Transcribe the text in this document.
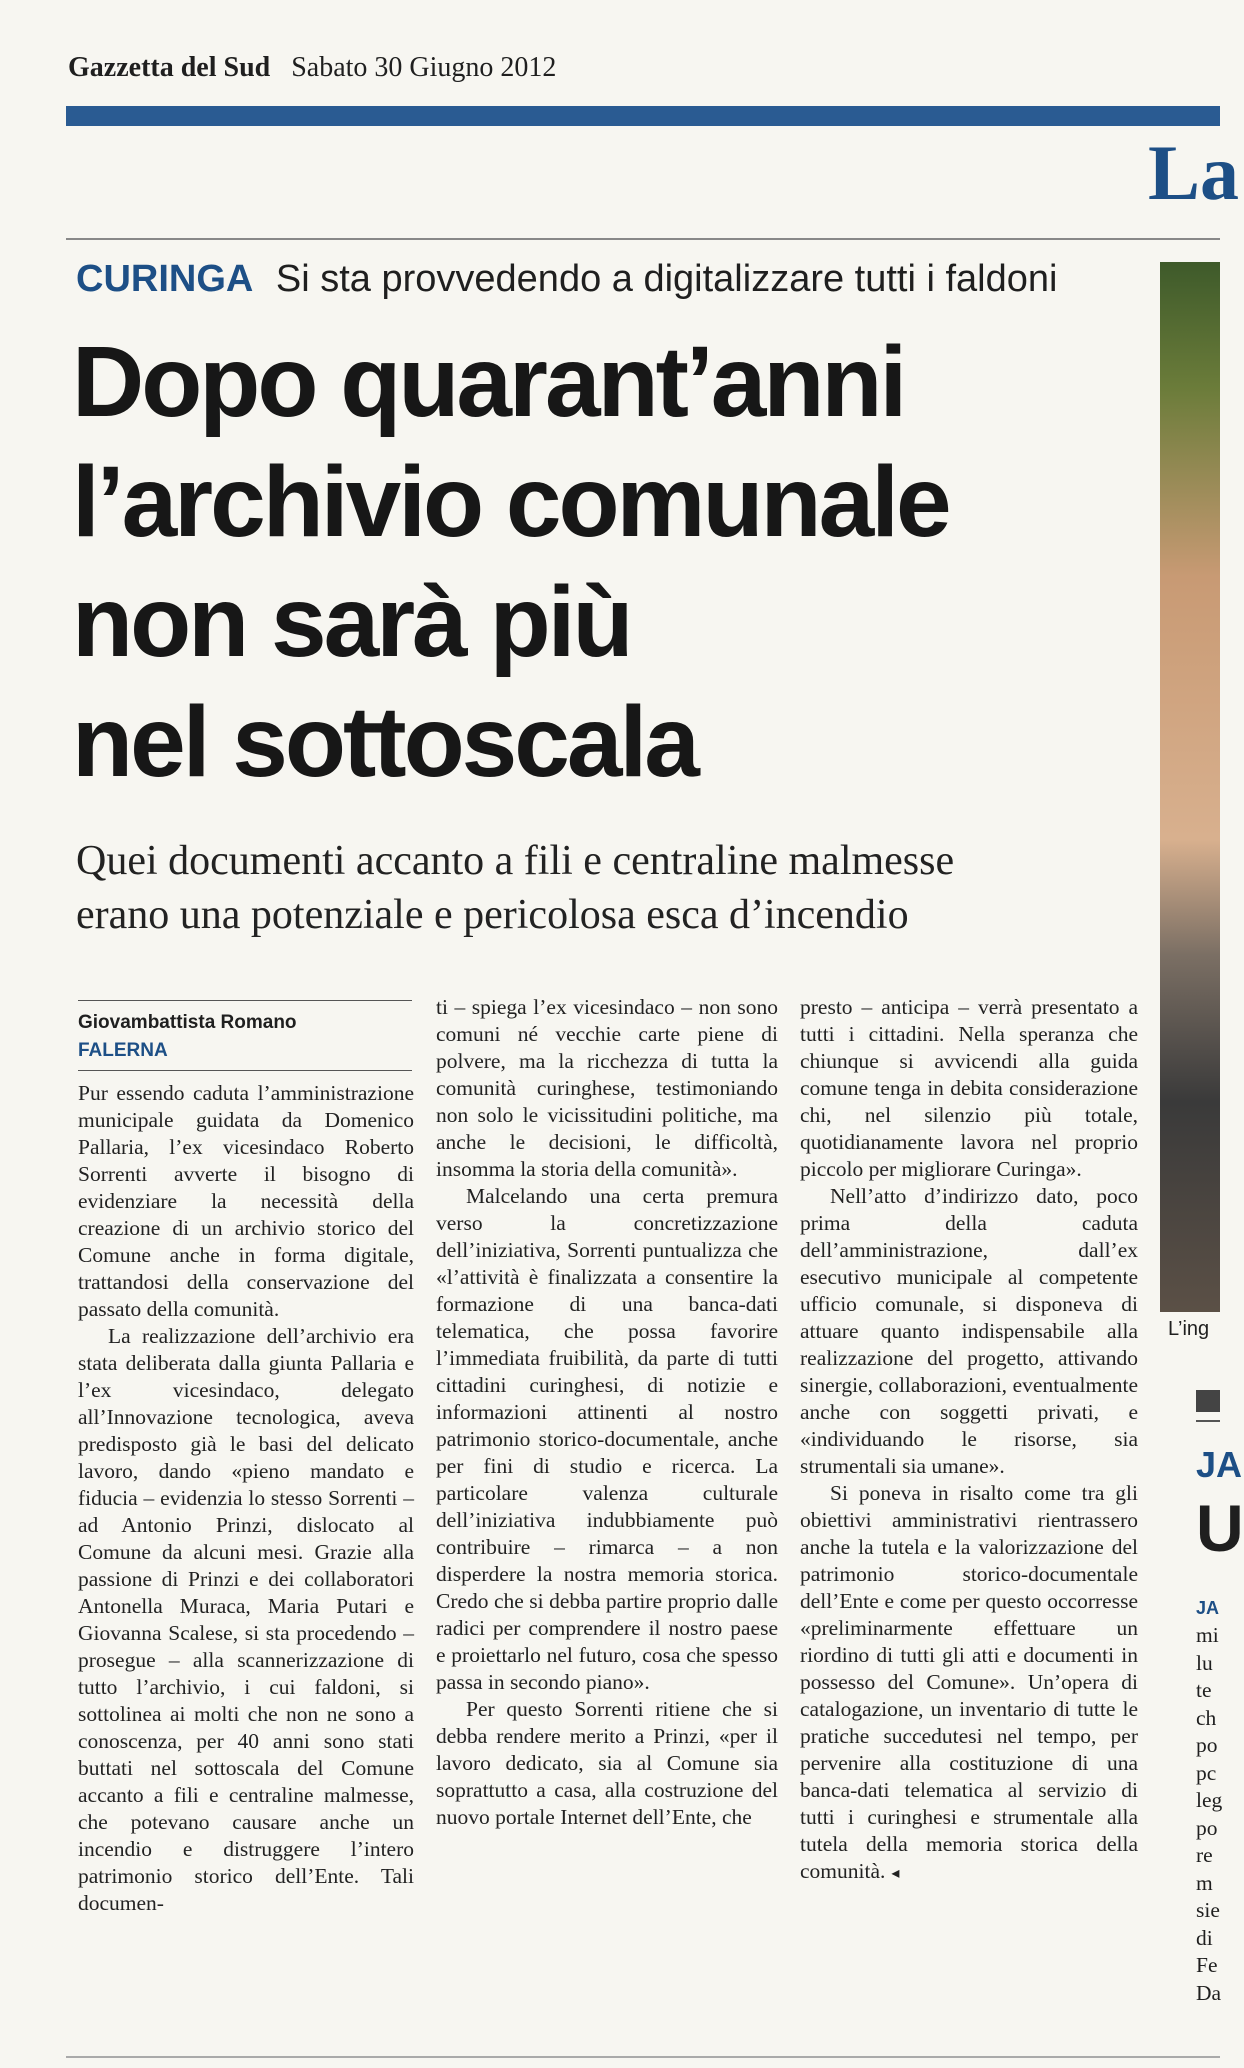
Gazzetta del Sud Sabato 30 Giugno 2012
La
CURINGA Si sta provvedendo a digitalizzare tutti i faldoni
Dopo quarant’anni
l’archivio comunale
non sarà più
nel sottoscala
Quei documenti accanto a fili e centraline malmesse
erano una potenziale e pericolosa esca d’incendio
Giovambattista Romano
FALERNA

Pur essendo caduta l’amministrazione municipale guidata da Domenico Pallaria, l’ex vicesindaco Roberto Sorrenti avverte il bisogno di evidenziare la necessità della creazione di un archivio storico del Comune anche in forma digitale, trattandosi della conservazione del passato della comunità.

La realizzazione dell’archivio era stata deliberata dalla giunta Pallaria e l’ex vicesindaco, delegato all’Innovazione tecnologica, aveva predisposto già le basi del delicato lavoro, dando «pieno mandato e fiducia – evidenzia lo stesso Sorrenti – ad Antonio Prinzi, dislocato al Comune da alcuni mesi. Grazie alla passione di Prinzi e dei collaboratori Antonella Muraca, Maria Putari e Giovanna Scalese, si sta procedendo – prosegue – alla scannerizzazione di tutto l’archivio, i cui faldoni, si sottolinea ai molti che non ne sono a conoscenza, per 40 anni sono stati buttati nel sottoscala del Comune accanto a fili e centraline malmesse, che potevano causare anche un incendio e distruggere l’intero patrimonio storico dell’Ente. Tali documen-

ti – spiega l’ex vicesindaco – non sono comuni né vecchie carte piene di polvere, ma la ricchezza di tutta la comunità curinghese, testimoniando non solo le vicissitudini politiche, ma anche le decisioni, le difficoltà, insomma la storia della comunità».

Malcelando una certa premura verso la concretizzazione dell’iniziativa, Sorrenti puntualizza che «l’attività è finalizzata a consentire la formazione di una banca-dati telematica, che possa favorire l’immediata fruibilità, da parte di tutti cittadini curinghesi, di notizie e informazioni attinenti al nostro patrimonio storico-documentale, anche per fini di studio e ricerca. La particolare valenza culturale dell’iniziativa indubbiamente può contribuire – rimarca – a non disperdere la nostra memoria storica. Credo che si debba partire proprio dalle radici per comprendere il nostro paese e proiettarlo nel futuro, cosa che spesso passa in secondo piano».

Per questo Sorrenti ritiene che si debba rendere merito a Prinzi, «per il lavoro dedicato, sia al Comune sia soprattutto a casa, alla costruzione del nuovo portale Internet dell’Ente, che

presto – anticipa – verrà presentato a tutti i cittadini. Nella speranza che chiunque si avvicendi alla guida comune tenga in debita considerazione chi, nel silenzio più totale, quotidianamente lavora nel proprio piccolo per migliorare Curinga».

Nell’atto d’indirizzo dato, poco prima della caduta dell’amministrazione, dall’ex esecutivo municipale al competente ufficio comunale, si disponeva di attuare quanto indispensabile alla realizzazione del progetto, attivando sinergie, collaborazioni, eventualmente anche con soggetti privati, e «individuando le risorse, sia strumentali sia umane».

Si poneva in risalto come tra gli obiettivi amministrativi rientrassero anche la tutela e la valorizzazione del patrimonio storico-documentale dell’Ente e come per questo occorresse «preliminarmente effettuare un riordino di tutti gli atti e documenti in possesso del Comune». Un’opera di catalogazione, un inventario di tutte le pratiche succedutesi nel tempo, per pervenire alla costituzione di una banca-dati telematica al servizio di tutti i curinghesi e strumentale alla tutela della memoria storica della comunità. ◂

L’ing
JA
U
JA
mi
lu
te
ch
po
pc
leg
po
re
m
sie
di
Fe
Da
